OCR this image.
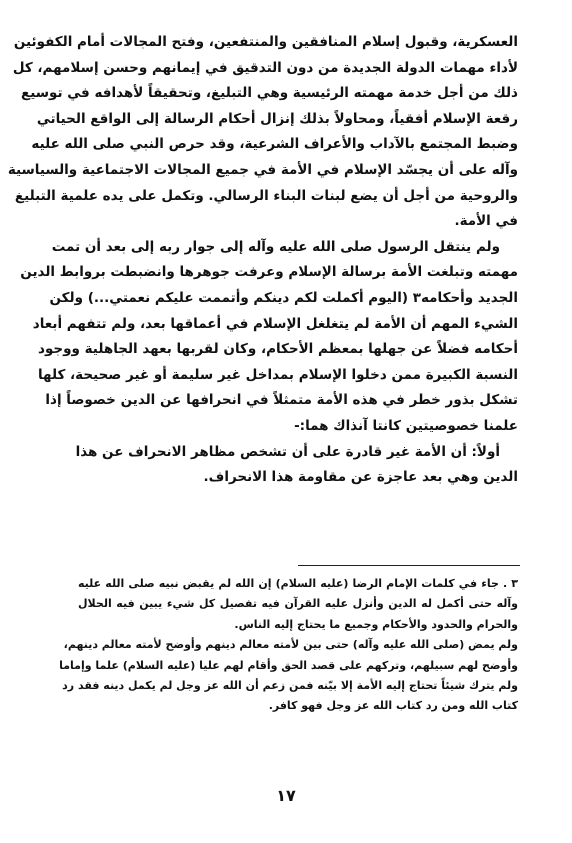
العسكرية، وقبول إسلام المنافقين والمنتفعين، وفتح المجالات أمام الكفوئين
لأداء مهمات الدولة الجديدة من دون التدقيق في إيمانهم وحسن إسلامهم، كل
ذلك من أجل خدمة مهمته الرئيسية وهي التبليغ، وتحقيقاً لأهدافه في توسيع
رقعة الإسلام أفقياً، ومحاولاً بذلك إنزال أحكام الرسالة إلى الواقع الحياتي
وضبط المجتمع بالآداب والأعراف الشرعية، وقد حرص النبي صلى الله عليه
وآله على أن يجسّد الإسلام في الأمة في جميع المجالات الاجتماعية والسياسية
والروحية من أجل أن يضع لبنات البناء الرسالي. وتكمل على يده علمية التبليغ
في الأمة.
ولم ينتقل الرسول صلى الله عليه وآله إلى جوار ربه إلى بعد أن تمت
مهمته وتبلغت الأمة برسالة الإسلام وعرفت جوهرها وانضبطت بروابط الدين
الجديد وأحكامه٣ (اليوم أكملت لكم دينكم وأتممت عليكم نعمتي...) ولكن
الشيء المهم أن الأمة لم يتغلغل الإسلام في أعماقها بعد، ولم تتفهم أبعاد
أحكامه فضلاً عن جهلها بمعظم الأحكام، وكان لقربها بعهد الجاهلية ووجود
النسبة الكبيرة ممن دخلوا الإسلام بمداخل غير سليمة أو غير صحيحة، كلها
تشكل بذور خطر في هذه الأمة متمثلاً في انحرافها عن الدين خصوصاً إذا
علمنا خصوصيتين كانتا آنذاك هما:-
أولاً: أن الأمة غير قادرة على أن تشخص مظاهر الانحراف عن هذا
الدين وهي بعد عاجزة عن مقاومة هذا الانحراف.
٣ . جاء في كلمات الإمام الرضا (عليه السلام) إن الله لم يقبض نبيه صلى الله عليه
وآله حتى أكمل له الدين وأنزل عليه القرآن فيه تفصيل كل شيء يبين فيه الحلال
والحرام والحدود والأحكام وجميع ما يحتاج إليه الناس.
ولم يمض (صلى الله عليه وآله) حتى بين لأمته معالم دينهم وأوضح لأمته معالم دينهم،
وأوضح لهم سبيلهم، وتركهم على قصد الحق وأقام لهم عليا (عليه السلام) علما وإماما
ولم يترك شيئاً تحتاج إليه الأمة إلا بيّنه فمن زعم أن الله عز وجل لم يكمل دينه فقد رد
كتاب الله ومن رد كتاب الله عز وجل فهو كافر.
١٧
